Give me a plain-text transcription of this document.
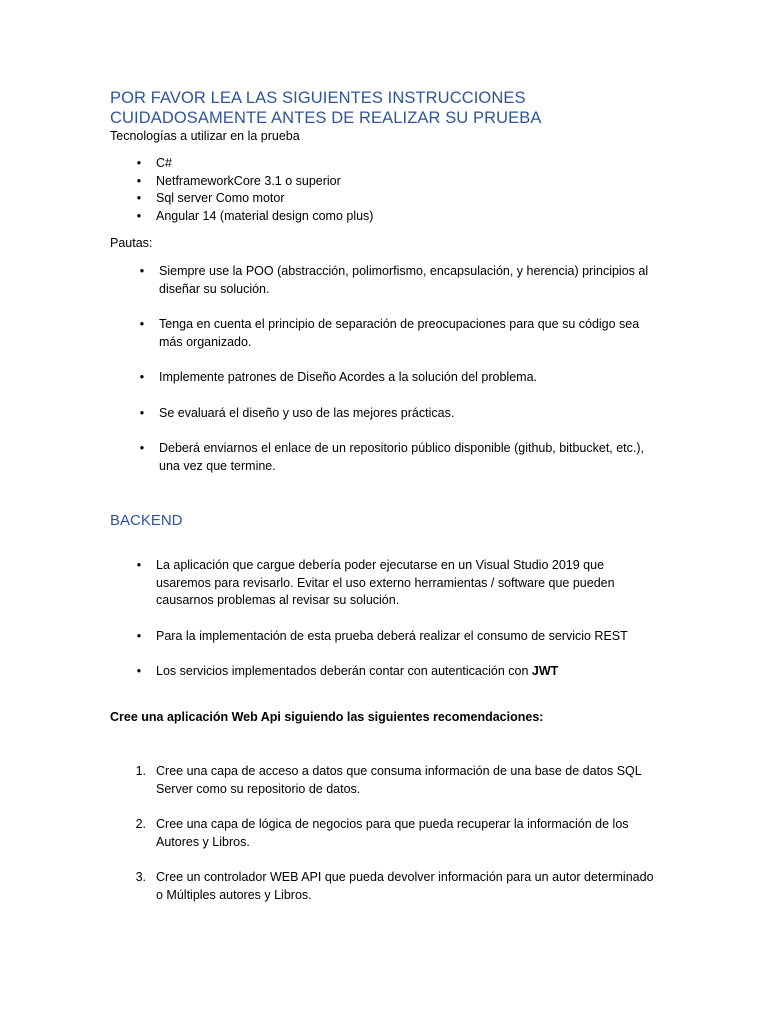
POR FAVOR LEA LAS SIGUIENTES INSTRUCCIONES
CUIDADOSAMENTE ANTES DE REALIZAR SU PRUEBA
Tecnologías a utilizar en la prueba
•	C#
•	NetframeworkCore 3.1 o superior
•	Sql server Como motor
•	Angular 14 (material design como plus)
Pautas:
•	Siempre use la POO (abstracción, polimorfismo, encapsulación, y herencia) principios al diseñar su solución.
•	Tenga en cuenta el principio de separación de preocupaciones para que su código sea más organizado.
•	Implemente patrones de Diseño Acordes a la solución del problema.
•	Se evaluará el diseño y uso de las mejores prácticas.
•	Deberá enviarnos el enlace de un repositorio público disponible (github, bitbucket, etc.), una vez que termine.
BACKEND
•	La aplicación que cargue debería poder ejecutarse en un Visual Studio 2019 que usaremos para revisarlo. Evitar el uso externo herramientas / software que pueden causarnos problemas al revisar su solución.
•	Para la implementación de esta prueba deberá realizar el consumo de servicio REST
•	Los servicios implementados deberán contar con autenticación con JWT
Cree una aplicación Web Api siguiendo las siguientes recomendaciones:
1. Cree una capa de acceso a datos que consuma información de una base de datos SQL Server como su repositorio de datos.
2. Cree una capa de lógica de negocios para que pueda recuperar la información de los Autores y Libros.
3. Cree un controlador WEB API que pueda devolver información para un autor determinado o Múltiples autores y Libros.
